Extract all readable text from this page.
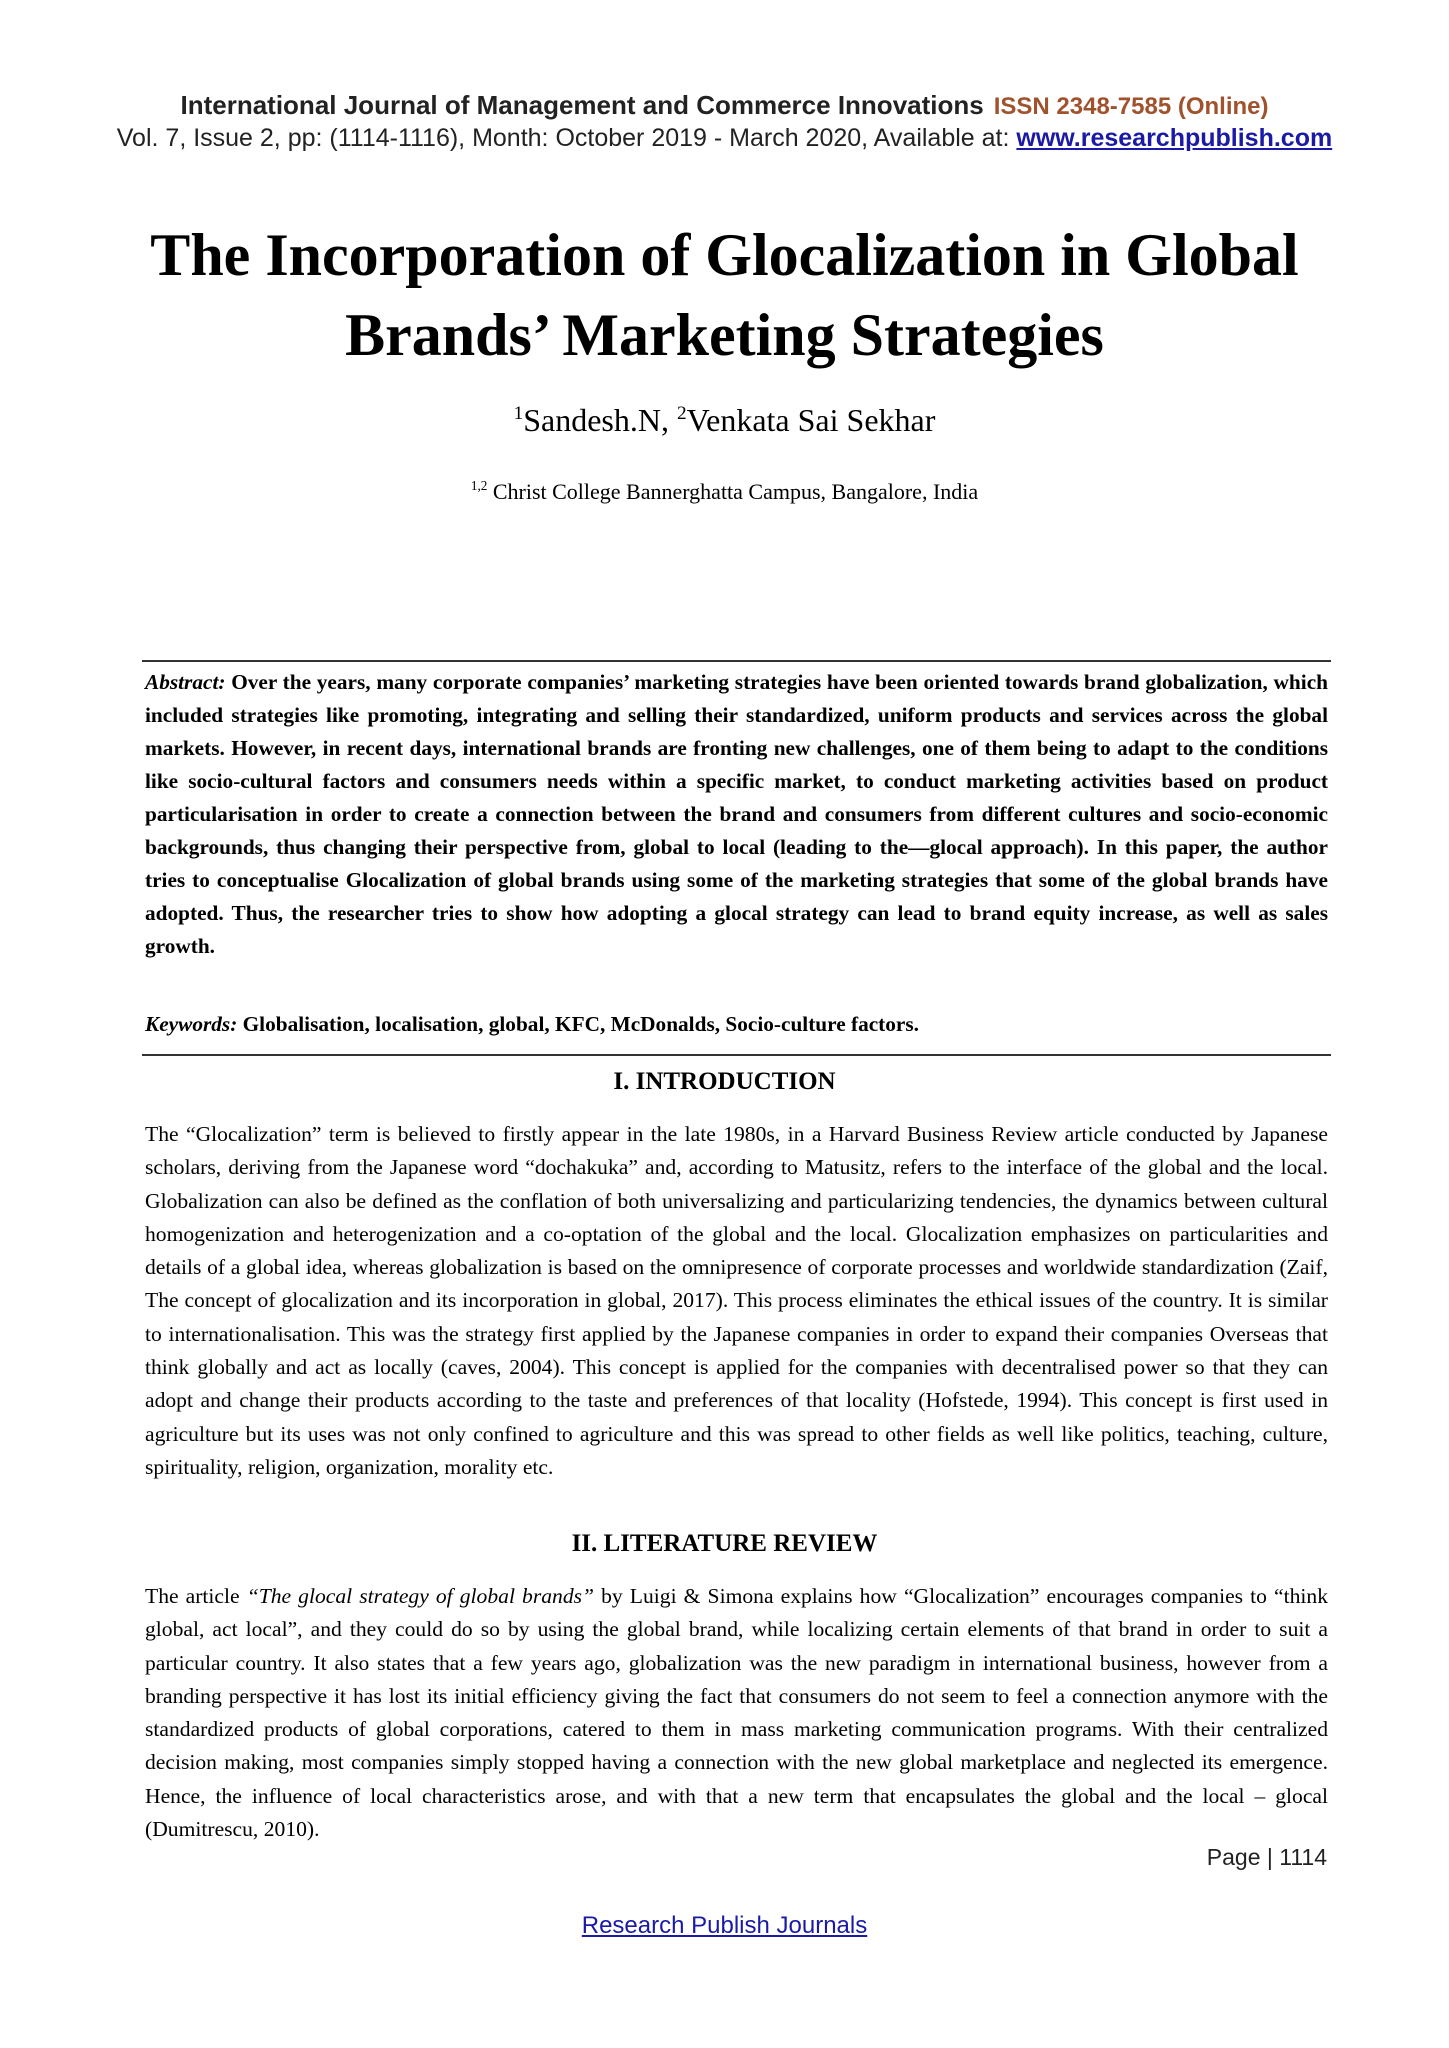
International Journal of Management and Commerce Innovations ISSN 2348-7585 (Online)
Vol. 7, Issue 2, pp: (1114-1116), Month: October 2019 - March 2020, Available at: www.researchpublish.com
The Incorporation of Glocalization in Global
Brands’ Marketing Strategies
$^1$Sandesh.N, $^2$Venkata Sai Sekhar
$^{1,2}$ Christ College Bannerghatta Campus, Bangalore, India

Abstract: Over the years, many corporate companies’ marketing strategies have been oriented towards brand globalization, which included strategies like promoting, integrating and selling their standardized, uniform products and services across the global markets. However, in recent days, international brands are fronting new challenges, one of them being to adapt to the conditions like socio-cultural factors and consumers needs within a specific market, to conduct marketing activities based on product particularisation in order to create a connection between the brand and consumers from different cultures and socio-economic backgrounds, thus changing their perspective from, global to local (leading to the—glocal approach). In this paper, the author tries to conceptualise Glocalization of global brands using some of the marketing strategies that some of the global brands have adopted. Thus, the researcher tries to show how adopting a glocal strategy can lead to brand equity increase, as well as sales growth.

Keywords: Globalisation, localisation, global, KFC, McDonalds, Socio-culture factors.

I. INTRODUCTION

The “Glocalization” term is believed to firstly appear in the late 1980s, in a Harvard Business Review article conducted by Japanese scholars, deriving from the Japanese word “dochakuka” and, according to Matusitz, refers to the interface of the global and the local. Globalization can also be defined as the conflation of both universalizing and particularizing tendencies, the dynamics between cultural homogenization and heterogenization and a co-optation of the global and the local. Glocalization emphasizes on particularities and details of a global idea, whereas globalization is based on the omnipresence of corporate processes and worldwide standardization (Zaif, The concept of glocalization and its incorporation in global, 2017). This process eliminates the ethical issues of the country. It is similar to internationalisation. This was the strategy first applied by the Japanese companies in order to expand their companies Overseas that think globally and act as locally (caves, 2004). This concept is applied for the companies with decentralised power so that they can adopt and change their products according to the taste and preferences of that locality (Hofstede, 1994). This concept is first used in agriculture but its uses was not only confined to agriculture and this was spread to other fields as well like politics, teaching, culture, spirituality, religion, organization, morality etc.

II. LITERATURE REVIEW

The article “The glocal strategy of global brands” by Luigi & Simona explains how “Glocalization” encourages companies to “think global, act local”, and they could do so by using the global brand, while localizing certain elements of that brand in order to suit a particular country. It also states that a few years ago, globalization was the new paradigm in international business, however from a branding perspective it has lost its initial efficiency giving the fact that consumers do not seem to feel a connection anymore with the standardized products of global corporations, catered to them in mass marketing communication programs. With their centralized decision making, most companies simply stopped having a connection with the new global marketplace and neglected its emergence. Hence, the influence of local characteristics arose, and with that a new term that encapsulates the global and the local – glocal (Dumitrescu, 2010).

Page | 1114
Research Publish Journals
